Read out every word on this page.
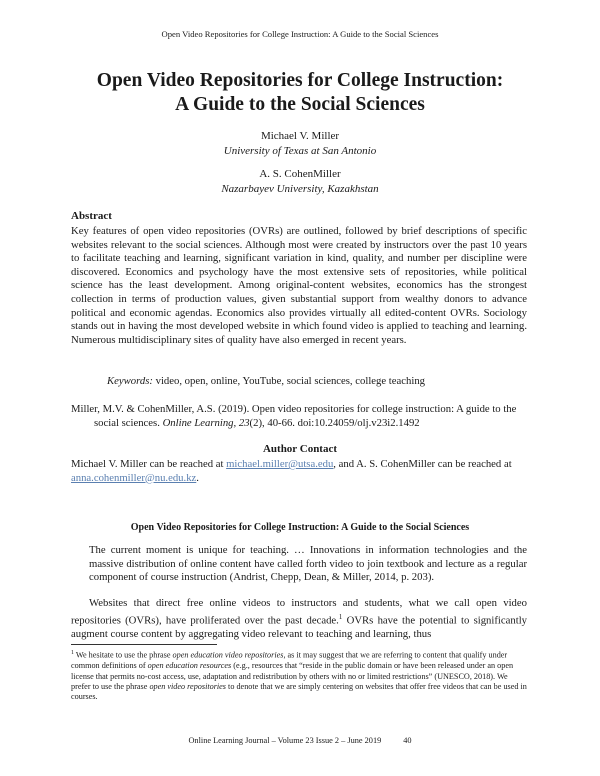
Open Video Repositories for College Instruction: A Guide to the Social Sciences
Open Video Repositories for College Instruction:
A Guide to the Social Sciences
Michael V. Miller
University of Texas at San Antonio
A. S. CohenMiller
Nazarbayev University, Kazakhstan
Abstract
Key features of open video repositories (OVRs) are outlined, followed by brief descriptions of specific websites relevant to the social sciences. Although most were created by instructors over the past 10 years to facilitate teaching and learning, significant variation in kind, quality, and number per discipline were discovered. Economics and psychology have the most extensive sets of repositories, while political science has the least development. Among original-content websites, economics has the strongest collection in terms of production values, given substantial support from wealthy donors to advance political and economic agendas. Economics also provides virtually all edited-content OVRs. Sociology stands out in having the most developed website in which found video is applied to teaching and learning. Numerous multidisciplinary sites of quality have also emerged in recent years.
Keywords: video, open, online, YouTube, social sciences, college teaching
Miller, M.V. & CohenMiller, A.S. (2019). Open video repositories for college instruction: A guide to the social sciences. Online Learning, 23(2), 40-66. doi:10.24059/olj.v23i2.1492
Author Contact
Michael V. Miller can be reached at michael.miller@utsa.edu, and A. S. CohenMiller can be reached at anna.cohenmiller@nu.edu.kz.
Open Video Repositories for College Instruction: A Guide to the Social Sciences
The current moment is unique for teaching. … Innovations in information technologies and the massive distribution of online content have called forth video to join textbook and lecture as a regular component of course instruction (Andrist, Chepp, Dean, & Miller, 2014, p. 203).
Websites that direct free online videos to instructors and students, what we call open video repositories (OVRs), have proliferated over the past decade.$^1$ OVRs have the potential to significantly augment course content by aggregating video relevant to teaching and learning, thus
$^1$ We hesitate to use the phrase open education video repositories, as it may suggest that we are referring to content that qualify under common definitions of open education resources (e.g., resources that “reside in the public domain or have been released under an open license that permits no-cost access, use, adaptation and redistribution by others with no or limited restrictions” (UNESCO, 2018). We prefer to use the phrase open video repositories to denote that we are simply centering on websites that offer free videos that can be used in courses.
Online Learning Journal – Volume 23 Issue 2 – June 2019	40
